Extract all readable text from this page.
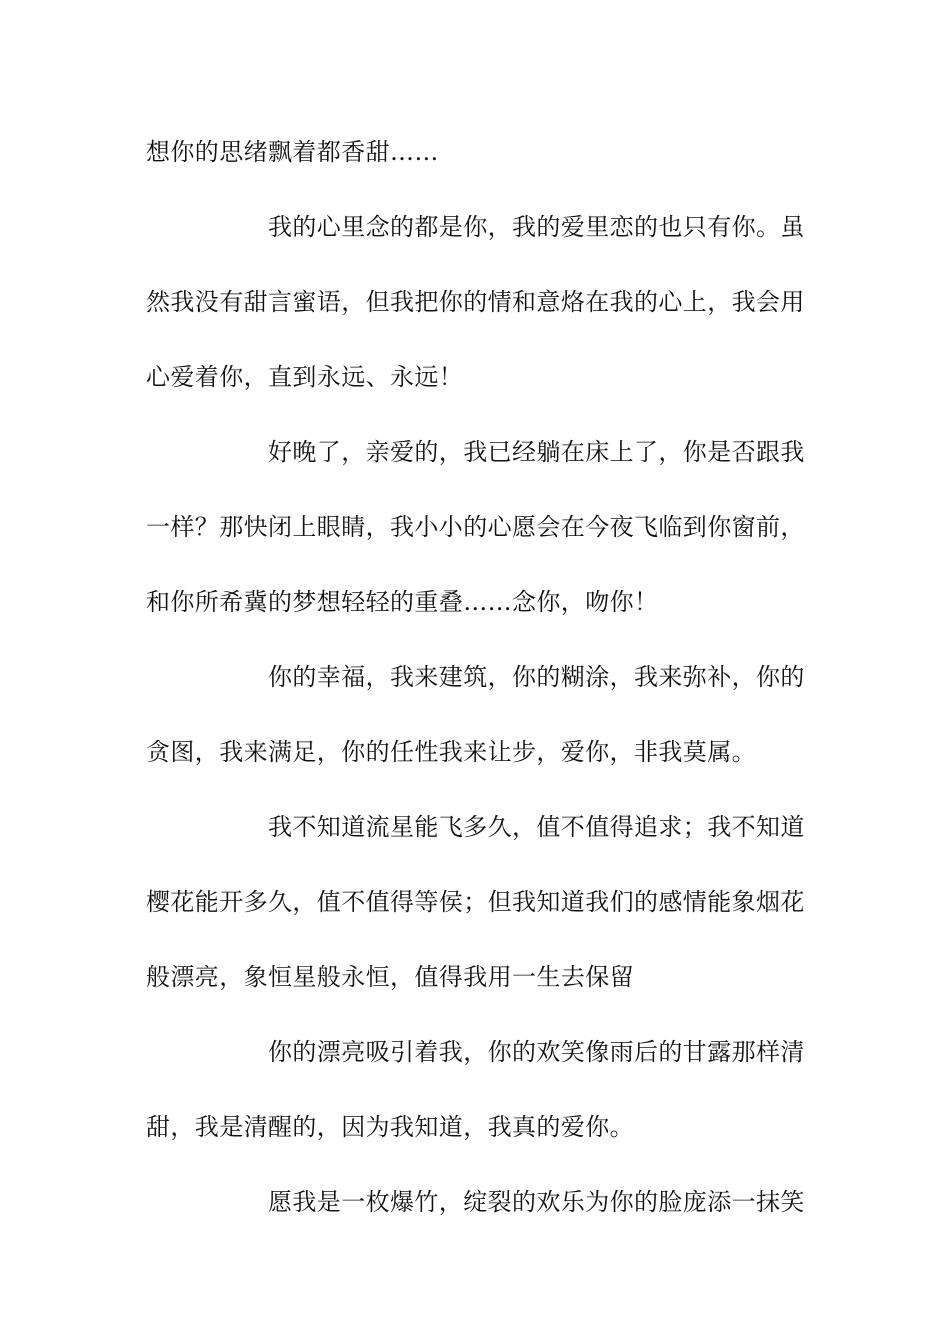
想你的思绪飘着都香甜……
我的心里念的都是你，我的爱里恋的也只有你。虽
然我没有甜言蜜语，但我把你的情和意烙在我的心上，我会用
心爱着你，直到永远、永远！
好晚了，亲爱的，我已经躺在床上了，你是否跟我
一样？那快闭上眼睛，我小小的心愿会在今夜飞临到你窗前，
和你所希冀的梦想轻轻的重叠……念你，吻你！
你的幸福，我来建筑，你的糊涂，我来弥补，你的
贪图，我来满足，你的任性我来让步，爱你，非我莫属。
我不知道流星能飞多久，值不值得追求；我不知道
樱花能开多久，值不值得等侯；但我知道我们的感情能象烟花
般漂亮，象恒星般永恒，值得我用一生去保留
你的漂亮吸引着我，你的欢笑像雨后的甘露那样清
甜，我是清醒的，因为我知道，我真的爱你。
愿我是一枚爆竹，绽裂的欢乐为你的脸庞添一抹笑
